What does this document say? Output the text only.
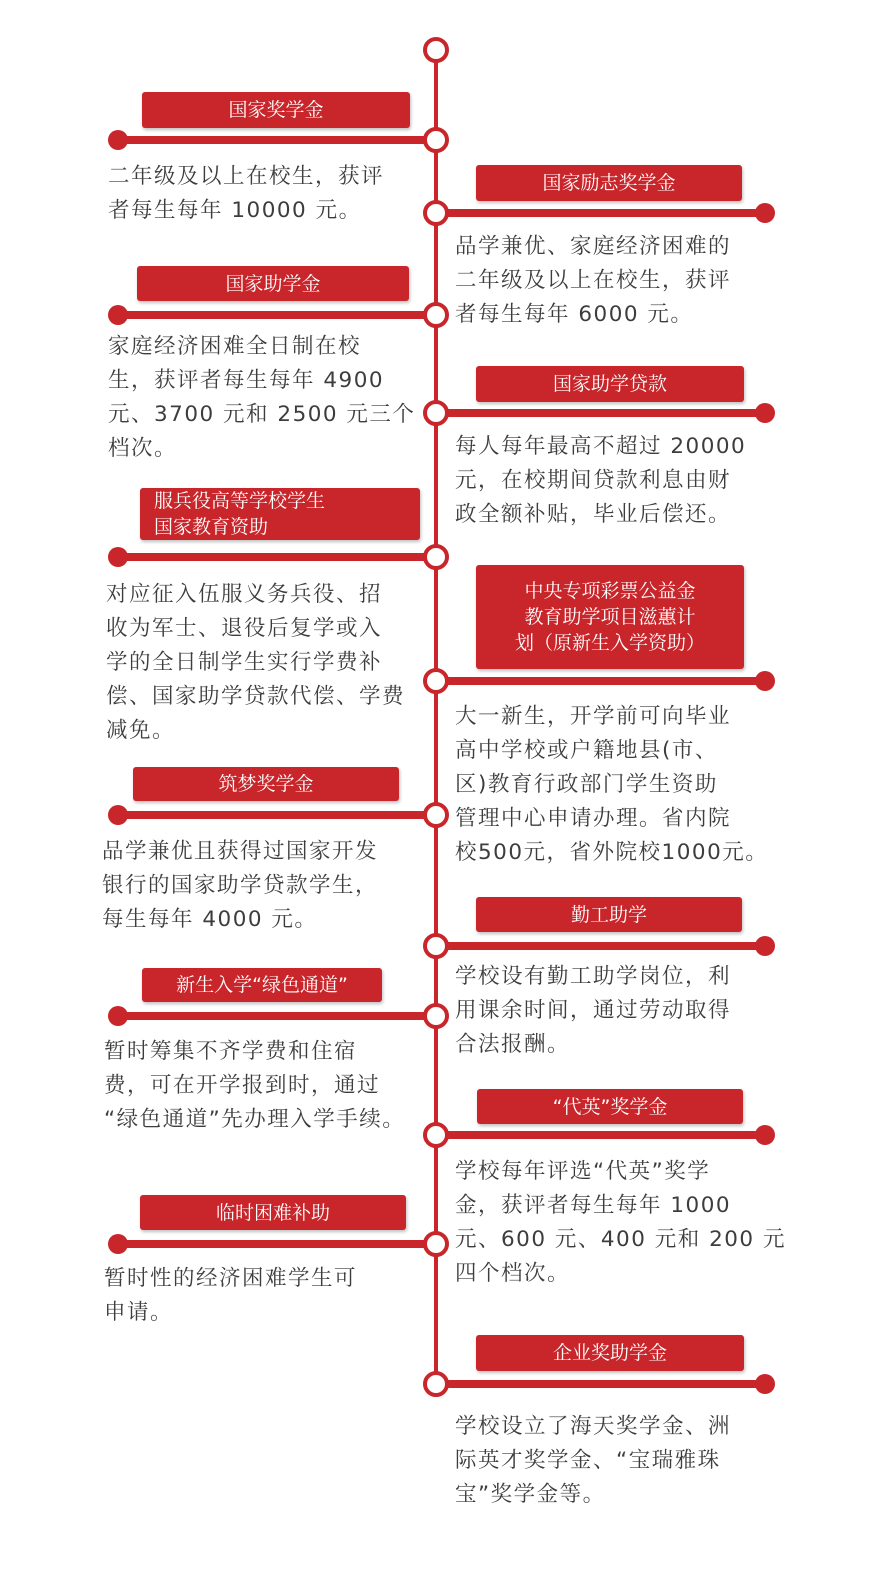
国家奖学金
二年级及以上在校生，获评
者每生每年 10000 元。
国家助学金
家庭经济困难全日制在校
生，获评者每生每年 4900
元、3700 元和 2500 元三个
档次。
服兵役高等学校学生
国家教育资助
对应征入伍服义务兵役、招
收为军士、退役后复学或入
学的全日制学生实行学费补
偿、国家助学贷款代偿、学费
减免。
筑梦奖学金
品学兼优且获得过国家开发
银行的国家助学贷款学生，
每生每年 4000 元。
新生入学“绿色通道”
暂时筹集不齐学费和住宿
费，可在开学报到时，通过
“绿色通道”先办理入学手续。
临时困难补助
暂时性的经济困难学生可
申请。
国家励志奖学金
品学兼优、家庭经济困难的
二年级及以上在校生，获评
者每生每年 6000 元。
国家助学贷款
每人每年最高不超过 20000
元，在校期间贷款利息由财
政全额补贴，毕业后偿还。
中央专项彩票公益金
教育助学项目滋蕙计
划（原新生入学资助）
大一新生，开学前可向毕业
高中学校或户籍地县(市、
区)教育行政部门学生资助
管理中心申请办理。省内院
校500元，省外院校1000元。
勤工助学
学校设有勤工助学岗位，利
用课余时间，通过劳动取得
合法报酬。
“代英”奖学金
学校每年评选“代英”奖学
金，获评者每生每年 1000
元、600 元、400 元和 200 元
四个档次。
企业奖助学金
学校设立了海天奖学金、洲
际英才奖学金、“宝瑞雅珠
宝”奖学金等。
